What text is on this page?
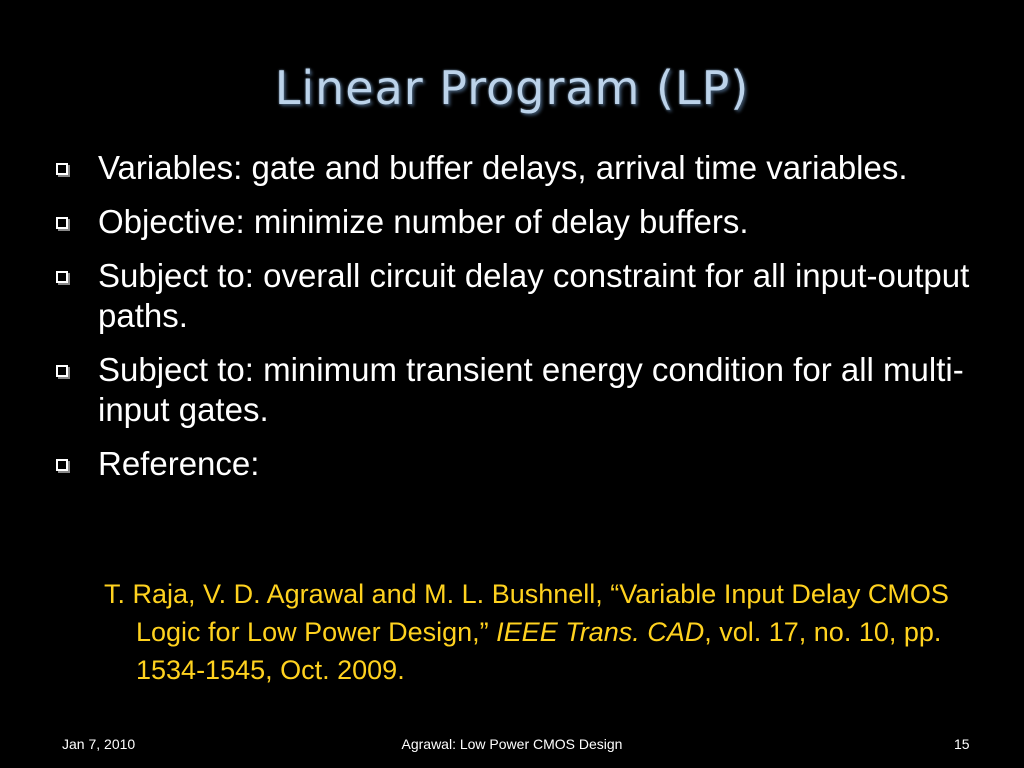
Linear Program (LP)
Variables: gate and buffer delays, arrival time variables.
Objective: minimize number of delay buffers.
Subject to: overall circuit delay constraint for all input-output paths.
Subject to: minimum transient energy condition for all multi-input gates.
Reference:
T. Raja, V. D. Agrawal and M. L. Bushnell, “Variable Input Delay CMOS Logic for Low Power Design,” IEEE Trans. CAD, vol. 17, no. 10, pp. 1534-1545, Oct. 2009.
Jan 7, 2010	Agrawal: Low Power CMOS Design	15
